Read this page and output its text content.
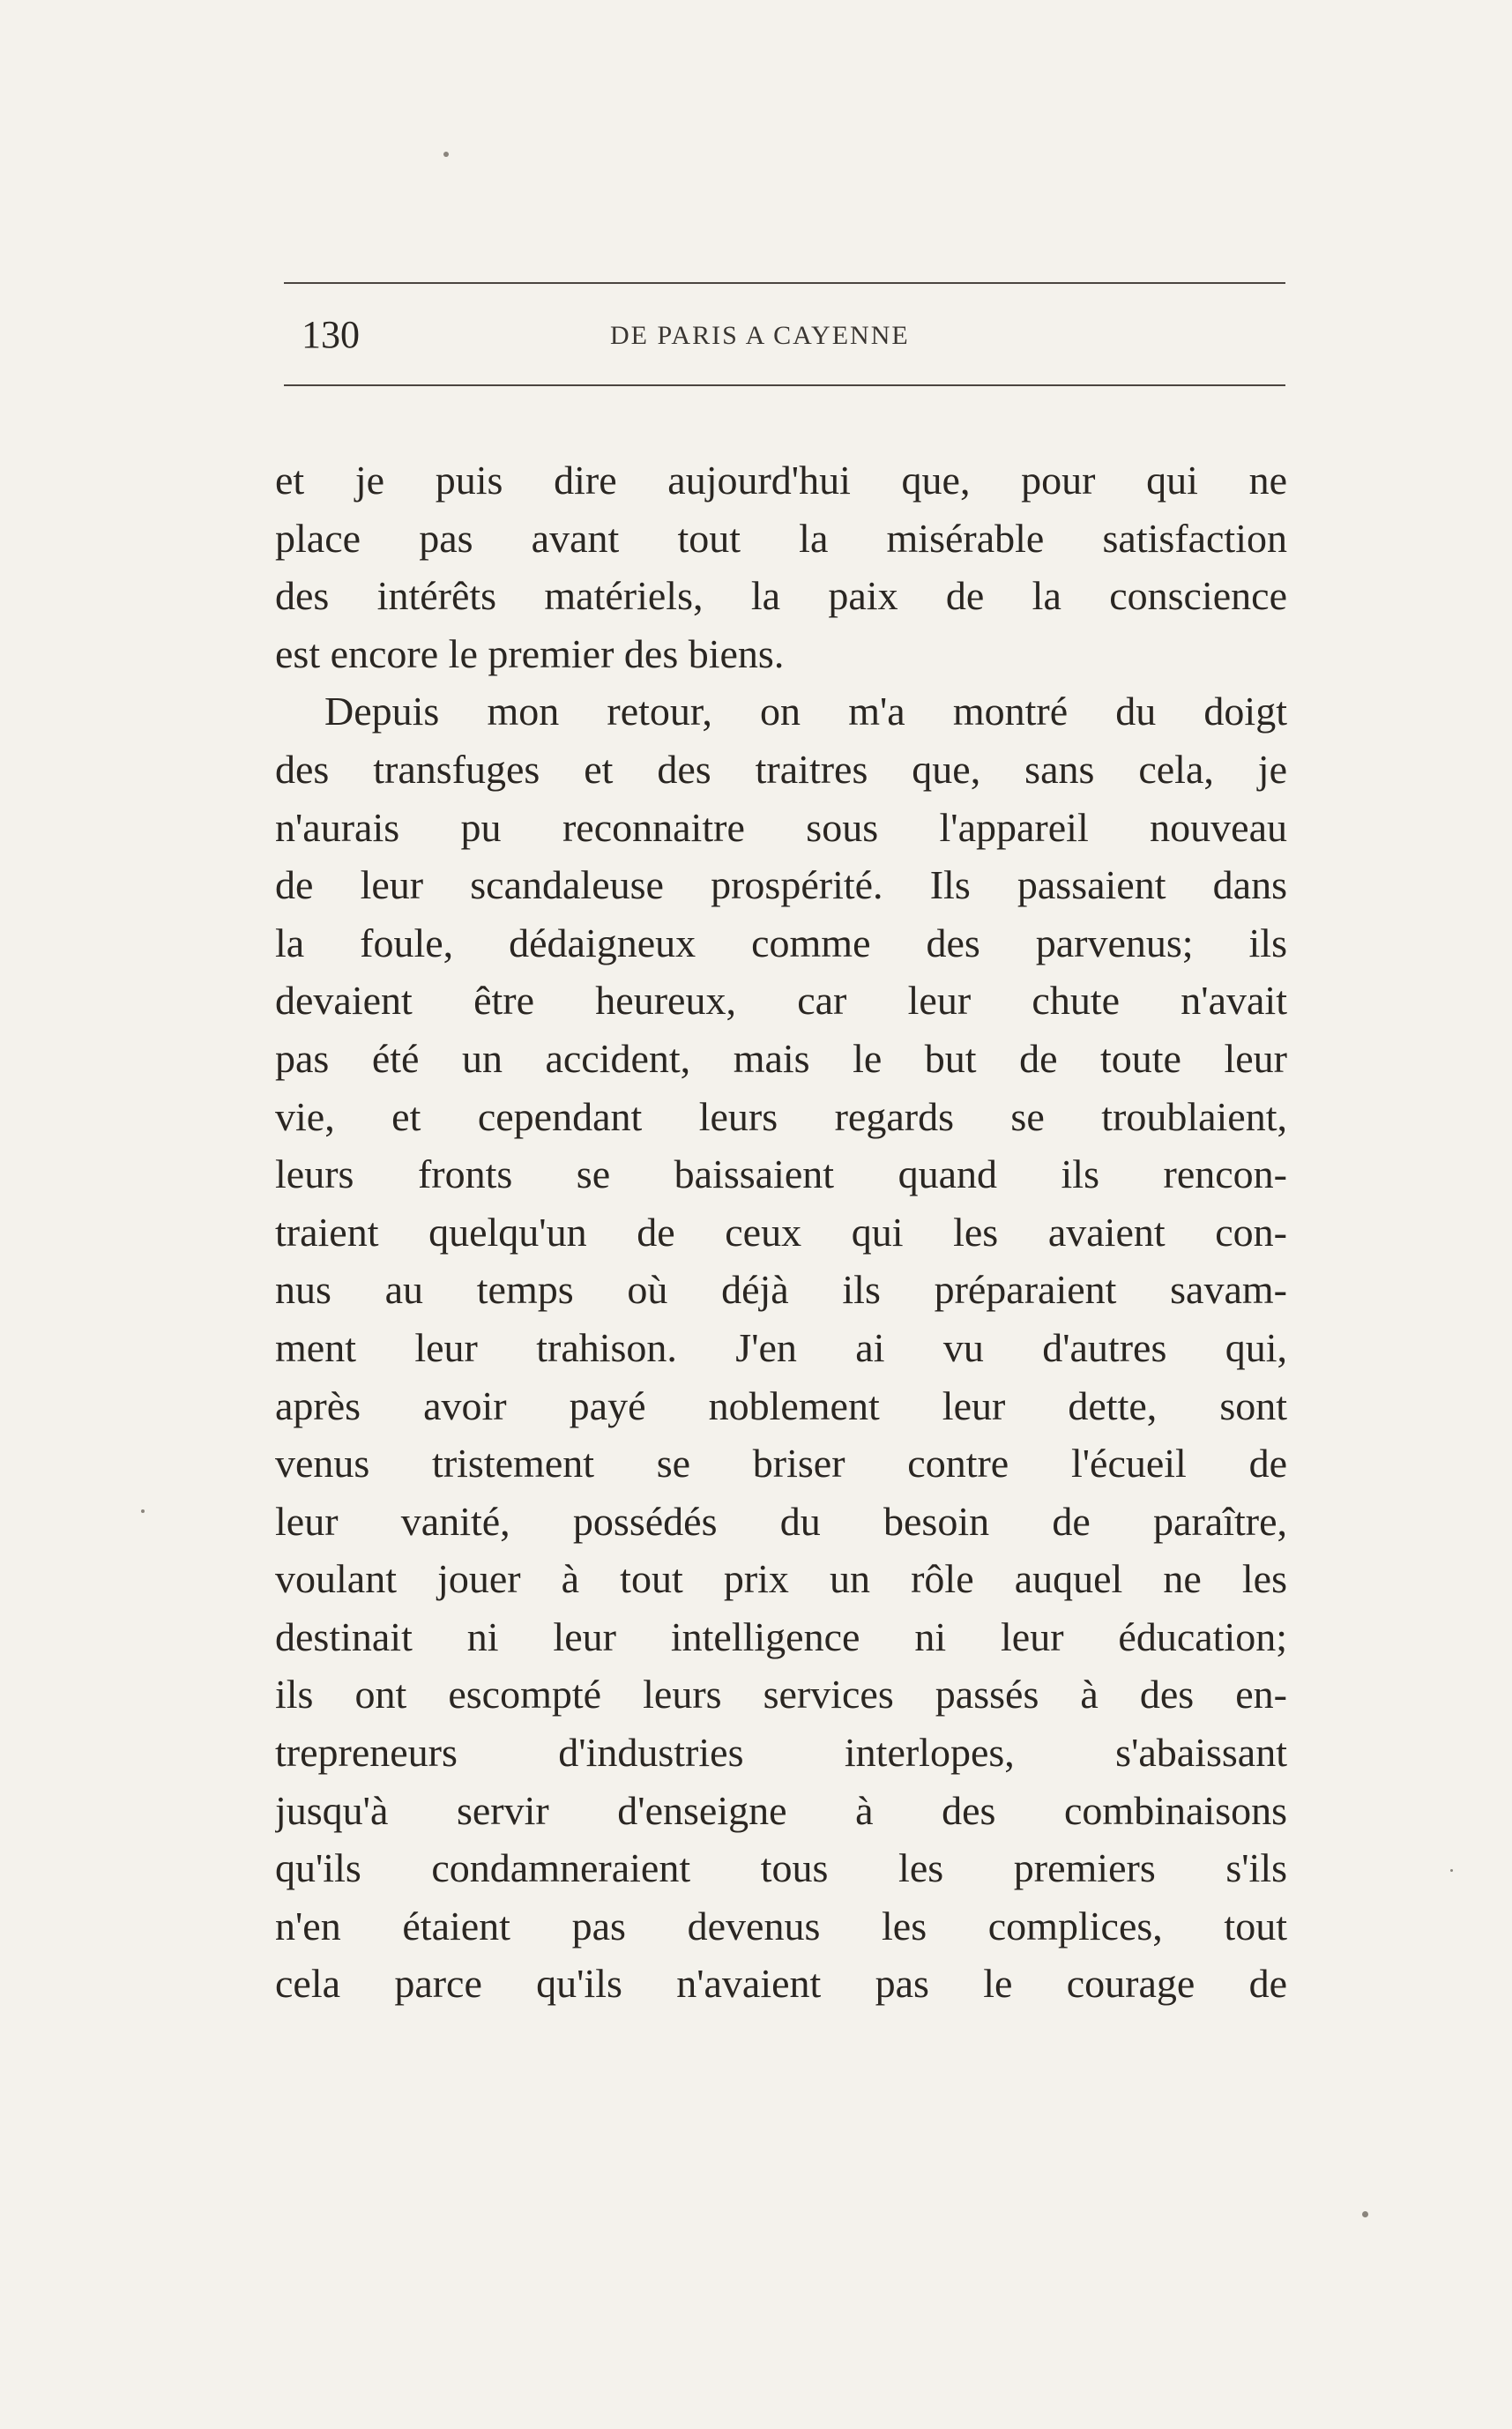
130	DE PARIS A CAYENNE
et je puis dire aujourd'hui que, pour qui ne
place pas avant tout la misérable satisfaction
des intérêts matériels, la paix de la conscience
est encore le premier des biens.
Depuis mon retour, on m'a montré du doigt
des transfuges et des traitres que, sans cela, je
n'aurais pu reconnaitre sous l'appareil nouveau
de leur scandaleuse prospérité. Ils passaient dans
la foule, dédaigneux comme des parvenus; ils
devaient être heureux, car leur chute n'avait
pas été un accident, mais le but de toute leur
vie, et cependant leurs regards se troublaient,
leurs fronts se baissaient quand ils rencon-
traient quelqu'un de ceux qui les avaient con-
nus au temps où déjà ils préparaient savam-
ment leur trahison. J'en ai vu d'autres qui,
après avoir payé noblement leur dette, sont
venus tristement se briser contre l'écueil de
leur vanité, possédés du besoin de paraître,
voulant jouer à tout prix un rôle auquel ne les
destinait ni leur intelligence ni leur éducation;
ils ont escompté leurs services passés à des en-
trepreneurs d'industries interlopes, s'abaissant
jusqu'à servir d'enseigne à des combinaisons
qu'ils condamneraient tous les premiers s'ils
n'en étaient pas devenus les complices, tout
cela parce qu'ils n'avaient pas le courage de
